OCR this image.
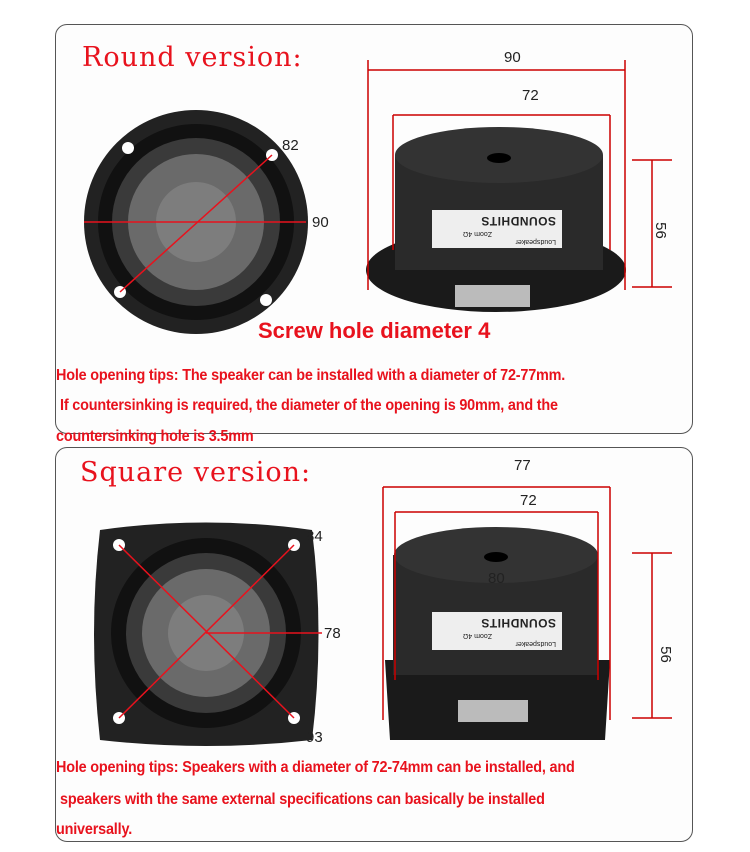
Loudspeaker
Zoom 4Ω
SOUNDHITS
Loudspeaker
Zoom 4Ω
SOUNDHITS
Round version:	90
72
82
90	56
Screw hole diameter 4
Hole opening tips: The speaker can be installed with a diameter of 72-77mm.
If countersinking is required, the diameter of the opening is 90mm, and the
countersinking hole is 3.5mm
Square version:	77
72
80
84
78
93
56
Hole opening tips: Speakers with a diameter of 72-74mm can be installed, and
speakers with the same external specifications can basically be installed
universally.
